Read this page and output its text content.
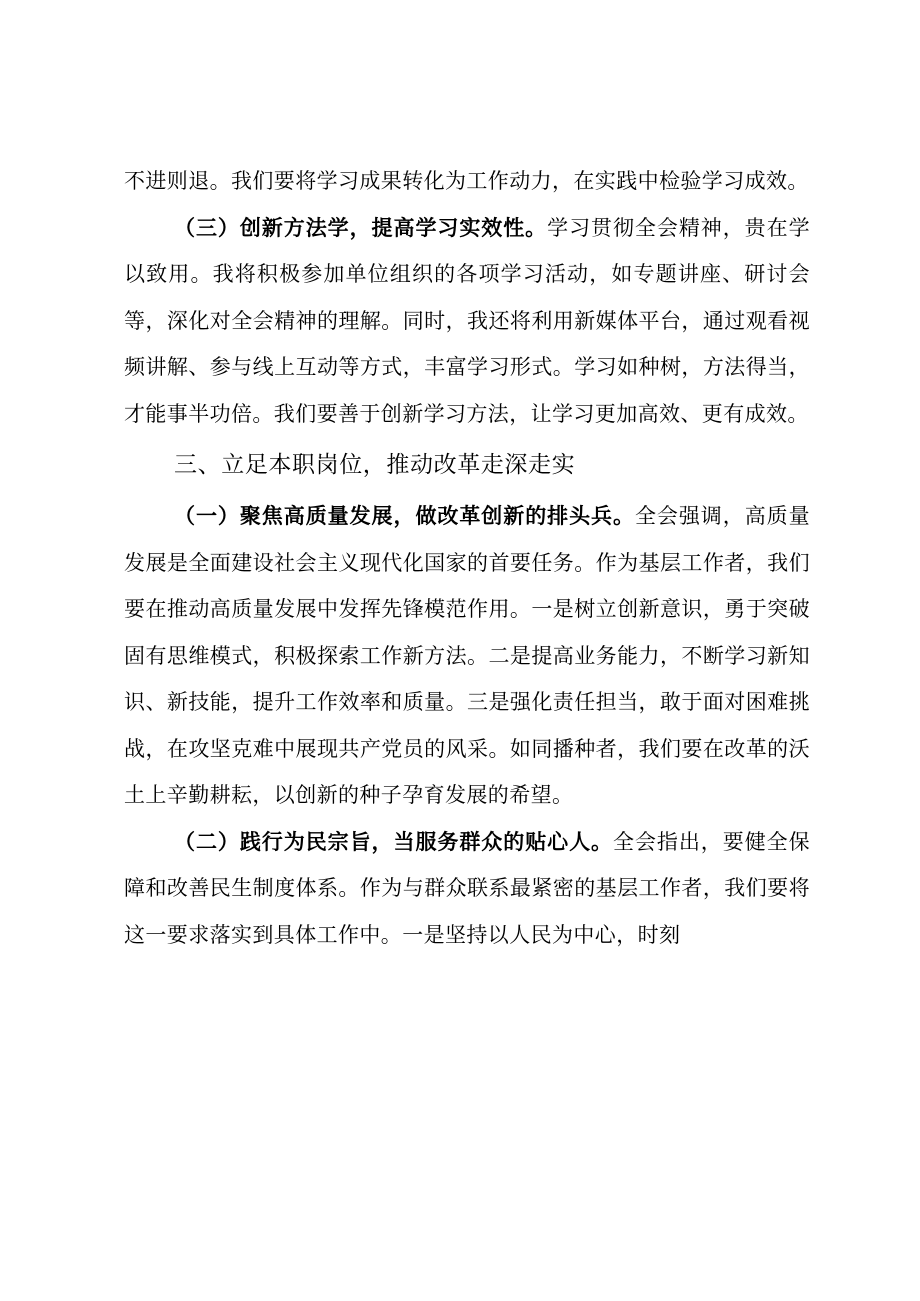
不进则退。我们要将学习成果转化为工作动力，在实践中检验学习成效。

（三）创新方法学，提高学习实效性。学习贯彻全会精神，贵在学以致用。我将积极参加单位组织的各项学习活动，如专题讲座、研讨会等，深化对全会精神的理解。同时，我还将利用新媒体平台，通过观看视频讲解、参与线上互动等方式，丰富学习形式。学习如种树，方法得当，才能事半功倍。我们要善于创新学习方法，让学习更加高效、更有成效。

三、立足本职岗位，推动改革走深走实

（一）聚焦高质量发展，做改革创新的排头兵。全会强调，高质量发展是全面建设社会主义现代化国家的首要任务。作为基层工作者，我们要在推动高质量发展中发挥先锋模范作用。一是树立创新意识，勇于突破固有思维模式，积极探索工作新方法。二是提高业务能力，不断学习新知识、新技能，提升工作效率和质量。三是强化责任担当，敢于面对困难挑战，在攻坚克难中展现共产党员的风采。如同播种者，我们要在改革的沃土上辛勤耕耘，以创新的种子孕育发展的希望。

（二）践行为民宗旨，当服务群众的贴心人。全会指出，要健全保障和改善民生制度体系。作为与群众联系最紧密的基层工作者，我们要将这一要求落实到具体工作中。一是坚持以人民为中心，时刻
